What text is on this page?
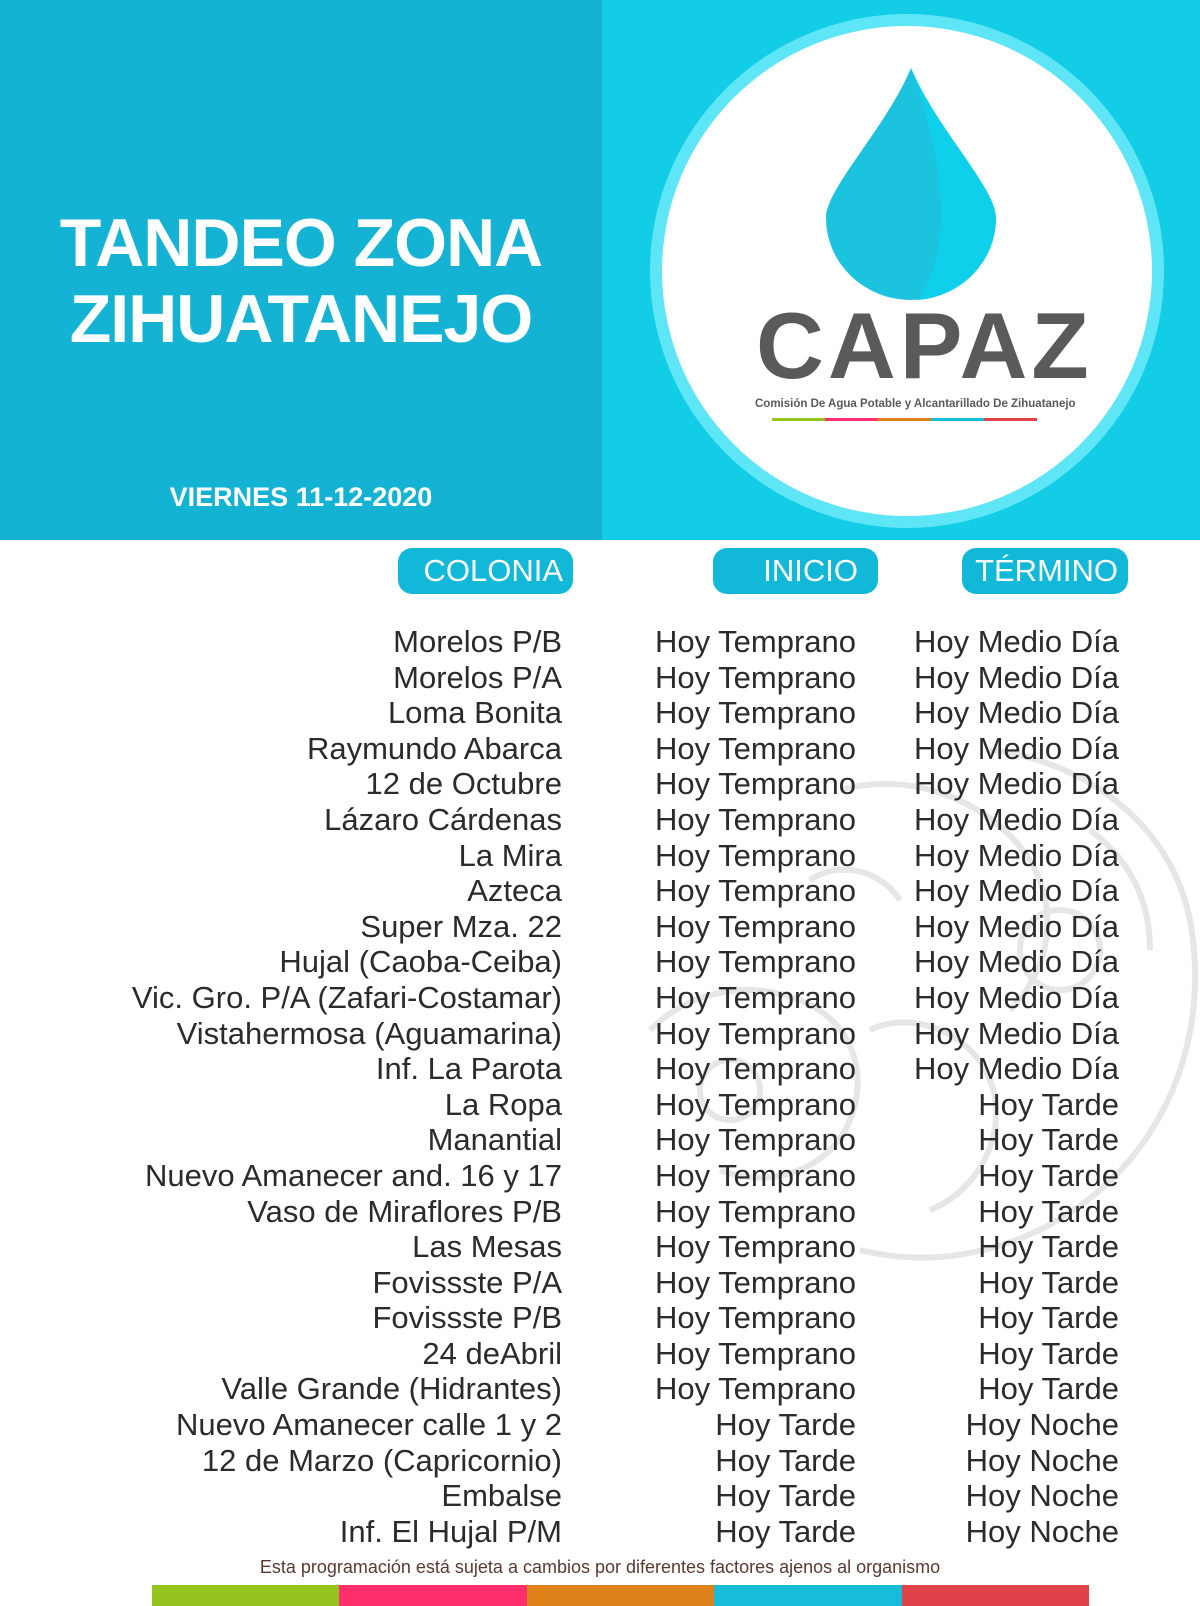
TANDEO ZONA
ZIHUATANEJO
VIERNES 11-12-2020
CAPAZ
Comisión De Agua Potable y Alcantarillado De Zihuatanejo
COLONIA	INICIO	TÉRMINO
Morelos P/B	Hoy Temprano Hoy Medio Día
Morelos P/A	Hoy Temprano Hoy Medio Día
Loma Bonita	Hoy Temprano Hoy Medio Día
Raymundo Abarca	Hoy Temprano Hoy Medio Día
12 de Octubre	Hoy Temprano Hoy Medio Día
Lázaro Cárdenas	Hoy Temprano Hoy Medio Día
La Mira	Hoy Temprano Hoy Medio Día
Azteca	Hoy Temprano Hoy Medio Día
Super Mza. 22	Hoy Temprano Hoy Medio Día
Hujal (Caoba-Ceiba)	Hoy Temprano Hoy Medio Día
Vic. Gro. P/A (Zafari-Costamar)	Hoy Temprano Hoy Medio Día
Vistahermosa (Aguamarina)	Hoy Temprano Hoy Medio Día
Inf. La Parota	Hoy Temprano Hoy Medio Día
La Ropa	Hoy Temprano	Hoy Tarde
Manantial	Hoy Temprano	Hoy Tarde
Nuevo Amanecer and. 16 y 17	Hoy Temprano	Hoy Tarde
Vaso de Miraflores P/B	Hoy Temprano	Hoy Tarde
Las Mesas	Hoy Temprano	Hoy Tarde
Fovissste P/A	Hoy Temprano	Hoy Tarde
Fovissste P/B	Hoy Temprano	Hoy Tarde
24 deAbril	Hoy Temprano	Hoy Tarde
Valle Grande (Hidrantes)	Hoy Temprano	Hoy Tarde
Nuevo Amanecer calle 1 y 2	Hoy Tarde	Hoy Noche
12 de Marzo (Capricornio)	Hoy Tarde	Hoy Noche
Embalse	Hoy Tarde	Hoy Noche
Inf. El Hujal P/M	Hoy Tarde	Hoy Noche
Esta programación está sujeta a cambios por diferentes factores ajenos al organismo
